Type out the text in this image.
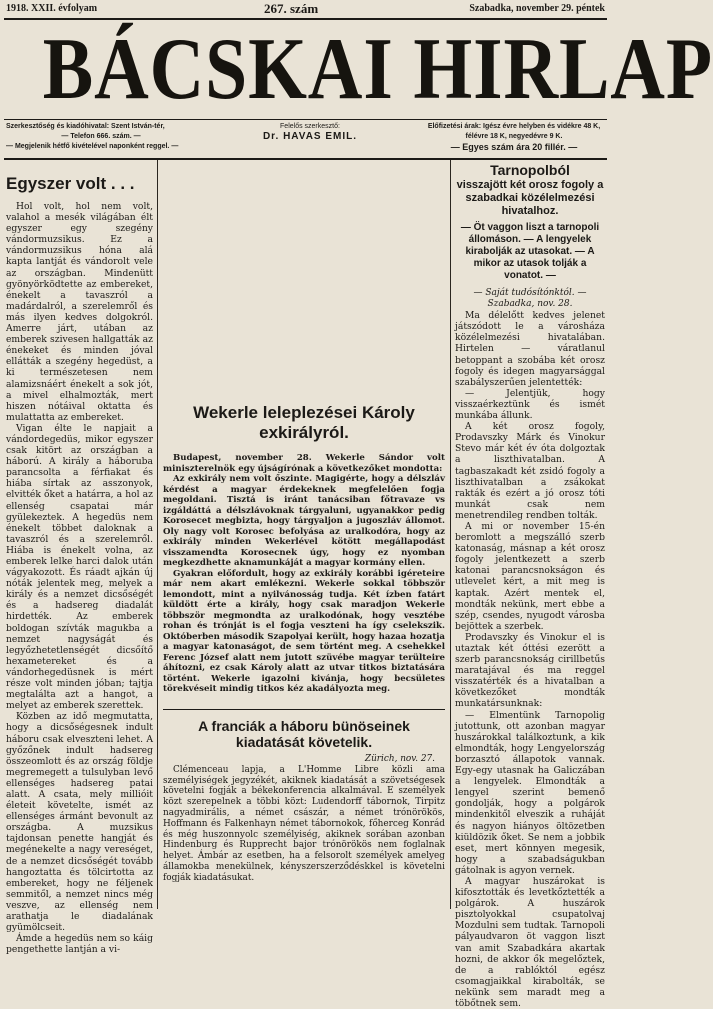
1918. XXII. évfolyam	267. szám	Szabadka, november 29. péntek
BÁCSKAI HIRLAP
Szerkesztőség és kiadóhivatal: Szent István-tér,
— Telefon 666. szám. —
— Megjelenik hétfő kivételével naponként reggel. —
Felelős szerkesztő:
Dr. HAVAS EMIL.
Előfizetési árak: Igész évre helyben és vidékre 48 K,
félévre 18 K, negyedévre 9 K.
— Egyes szám ára 20 fillér. —

Egyszer volt . . .

Hol volt, hol nem volt, valahol a mesék világában élt egyszer egy szegény vándormuzsikus. Ez a vándormuzsikus hóna alá kapta lantját és vándorolt vele az országban. Mindenütt gyönyörködtette az embereket, énekelt a tavaszról a madárdalról, a szerelemről és más ilyen kedves dolgokról. Amerre járt, utában az emberek szivesen hallgatták az énekeket és minden jóval ellátták a szegény hegedüst, a ki természetesen nem alamizsnáért énekelt a sok jót, a mivel elhalmozták, mert hiszen nótáival oktatta és mulattatta az embereket.

Vigan élte le napjait a vándordegedüs, mikor egyszer csak kitört az országban a háború. A király a háboruba parancsolta a férfiakat és hiába sírtak az asszonyok, elvitték őket a határra, a hol az ellenség csapatai már gyülekeztek. A hegedüs nem énekelt többet daloknak a tavaszról és a szerelemről. Hiába is énekelt volna, az emberek lelke harci dalok után vágyakozott. És ráadt ajkán új nóták jelentek meg, melyek a király és a nemzet dicsőségét és a hadsereg diadalát hirdették. Az emberek boldogan szívták magukba a nemzet nagyságát és legyőzhetetlenségét dicsőítő hexametereket és a vándorhegedüsnek is mért része volt minden jóban; tajtja megtalálta azt a hangot, a melyet az emberek szerettek.

Közben az idő megmutatta, hogy a dicsőségesnek indult háboru csak elveszteni lehet. A győzőnek indult hadsereg összeomlott és az ország földje megremegett a tulsulyban levő ellenséges hadsereg patai alatt. A csata, mely millióit életeit követelte, ismét az ellenséges ármánt bevonult az országba. A muzsikus tajdonsan penette hangját és megénekelte a nagy vereséget, de a nemzet dicsőségét tovább hangoztatta és tölcirtotta az embereket, hogy ne féljenek semmitől, a nemzet nincs még veszve, az ellenség nem arathatja le diadalának gyümölcseit.

Ámde a hegedüs nem so káig pengethette lantján a vi-

Wekerle leleplezései Károly exkirályról.

Budapest, november 28. Wekerle Sándor volt miniszterelnök egy újságírónak a következőket mondotta:

Az exkirály nem volt őszinte. Magigérte, hogy a délszláv kérdést a magyar érdekeknek megfelelően fogja megoldani. Tisztá is iránt tanácsiban főtravaze vs izgáldáttá a délszlávoknak tárgyaluni, ugyanakkor pedig Korosecet megbizta, hogy tárgyaljon a jugoszláv állomot. Oly nagy volt Korosec befolyása az uralkodóra, hogy az exkirály minden Wekerlével kötött megállapodást visszamendta Korosecnek úgy, hogy ez nyomban megkezdhette aknamunkáját a magyar kormány ellen.

Gyakran előfordult, hogy az exkirály korábbi igéreteire már nem akart emlékezni. Wekerle sokkal többször lemondott, mint a nyilvánosság tudja. Két ízben fatárt küldött érte a király, hogy csak maradjon Wekerle többször megmondta az uralkodónak, hogy vesztébe rohan és trónját is el fogja veszteni ha így cselekszik. Októberben második Szapolyai került, hogy hazaa hozatja a magyar katonaságot, de sem történt meg. A csehekkel Ferenc József alatt nem jutott szüvébe magyar terülteire áhítozni, ez csak Károly alatt az utvar titkos biztatására történt. Wekerle igazolni kivánja, hogy becsületes törekvéseit mindig titkos kéz akadályozta meg.

A franciák a háboru bünöseinek kiadatását követelik.
Zürich, nov. 27.

Clémenceau lapja, a L'Homme Libre közli ama személyiségek jegyzékét, akiknek kiadatását a szövetségesek követelni fogják a békekonferencia alkalmával. E személyek közt szerepelnek a többi közt: Ludendorff tábornok, Tirpitz nagyadmirális, a német császár, a német trónörökös, Hoffmann és Falkenhayn német tábornokok, főherceg Konrád és még huszonnyolc személyiség, akiknek sorában azonban Hindenburg és Rupprecht bajor trónörökös nem foglalnak helyet. Ámbár az esetben, ha a felsorolt személyek amelyeg államokba menekülnek, kényszerszerződéskkel is követelni fogják kiadatásukat.

Tarnopolból
visszajött két orosz fogoly a szabadkai közélelmezési hivatalhoz.
— Öt vaggon liszt a tarnopoli állomáson. — A lengyelek kirabolják az utasokat. — A mikor az utasok tolják a vonatot. —
— Saját tudósítónktól. —
Szabadka, nov. 28.

Ma délelőtt kedves jelenet játszódott le a városháza közélelmezési hivatalában. Hirtelen — váratlanul betoppant a szobába két orosz fogoly és idegen magyarsággal szabályszerűen jelentették:

— Jelentjük, hogy visszaérkeztünk és ismét munkába állunk.

A két orosz fogoly, Prodavszky Márk és Vinokur Stevo már két év óta dolgoztak a liszthivatalban. A tagbaszakadt két zsidó fogoly a liszthivatalban a zsákokat rakták és ezért a jó orosz tóti munkát csak nem menetrendileg rendben tolták.

A mi or november 15-én beromlott a megszálló szerb katonaság, másnap a két orosz fogoly jelentkezett a szerb katonai parancsnokságon és utlevelet kért, a mit meg is kaptak. Azért mentek el, mondták nekünk, mert ebbe a szép, csendes, nyugodt városba bejöttek a szerbek.

Prodavszky és Vinokur el is utaztak két óttési ezerött a szerb parancsnokság cirillbetűs maratajával és ma reggel visszatérték és a hivatalban a következőket mondták munkatársunknak:

— Elmentünk Tarnopolig jutottunk, ott azonban magyar huszárokkal találkoztunk, a kik elmondták, hogy Lengyelország borzasztó állapotok vannak. Egy-egy utasnak ha Galiczában a lengyelek. Elmondták a lengyel szerint bemenő gondolják, hogy a polgárok mindenkitől elveszik a ruháját és nagyon hiányos öltözetben kiüldözik őket. Se nem a jobbik eset, mert könnyen megesik, hogy a szabadságukban gátolnak is agyon vernek.

A magyar huszárokat is kifosztották és levetkőztették a polgárok. A huszárok pisztolyokkal csupatolvaj Mozdulni sem tudtak. Tarnopoli pályaudvaron öt vaggon liszt van amit Szabadkára akartak hozni, de akkor ők megelőztek, de a rablóktól egész csomagjaikkal kirabolták, se nekünk sem maradt meg a töbőtnek sem.
